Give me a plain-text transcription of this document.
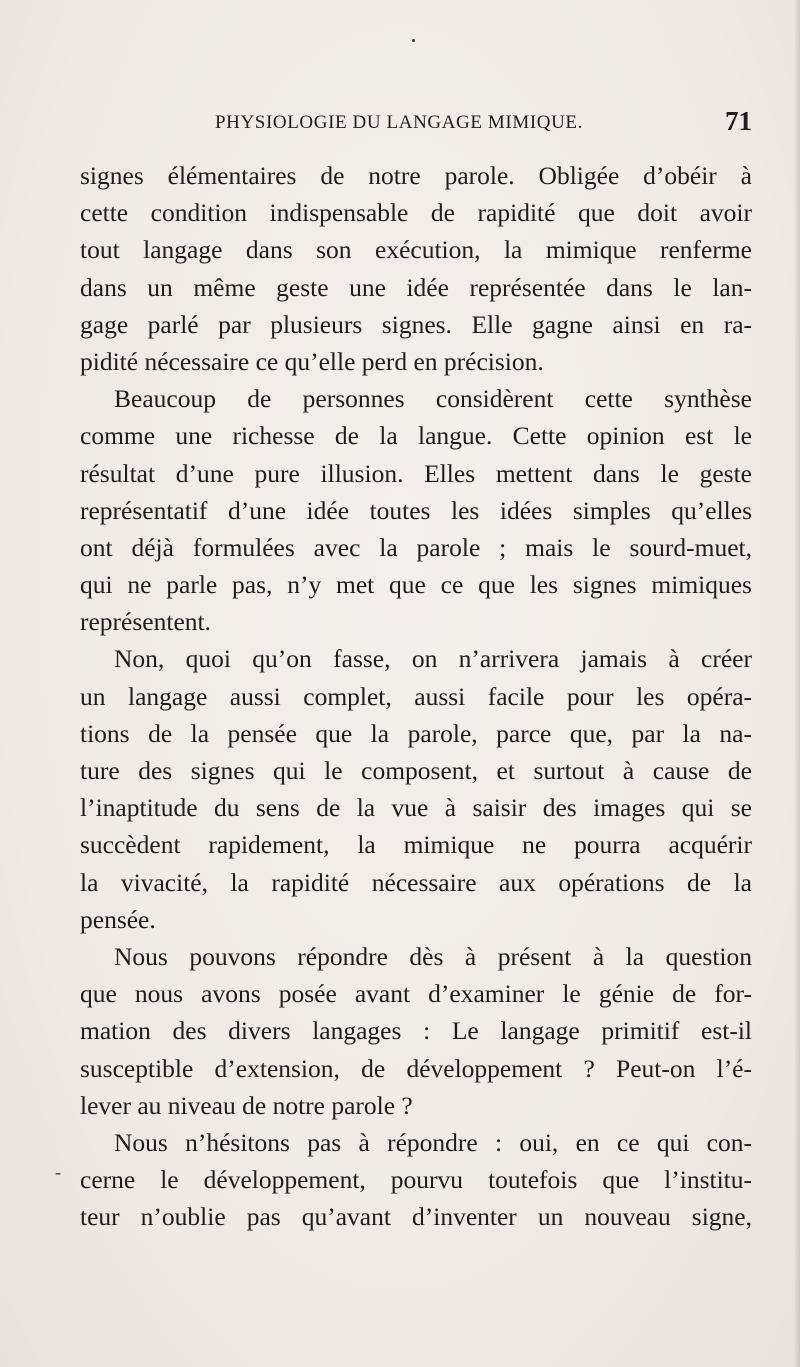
PHYSIOLOGIE DU LANGAGE MIMIQUE.	71
-

signes élémentaires de notre parole. Obligée d’obéir à
cette condition indispensable de rapidité que doit avoir
tout langage dans son exécution, la mimique renferme
dans un même geste une idée représentée dans le lan-
gage parlé par plusieurs signes. Elle gagne ainsi en ra-
pidité nécessaire ce qu’elle perd en précision.

Beaucoup de personnes considèrent cette synthèse
comme une richesse de la langue. Cette opinion est le
résultat d’une pure illusion. Elles mettent dans le geste
représentatif d’une idée toutes les idées simples qu’elles
ont déjà formulées avec la parole ; mais le sourd-muet,
qui ne parle pas, n’y met que ce que les signes mimiques
représentent.

Non, quoi qu’on fasse, on n’arrivera jamais à créer
un langage aussi complet, aussi facile pour les opéra-
tions de la pensée que la parole, parce que, par la na-
ture des signes qui le composent, et surtout à cause de
l’inaptitude du sens de la vue à saisir des images qui se
succèdent rapidement, la mimique ne pourra acquérir
la vivacité, la rapidité nécessaire aux opérations de la
pensée.

Nous pouvons répondre dès à présent à la question
que nous avons posée avant d’examiner le génie de for-
mation des divers langages : Le langage primitif est-il
susceptible d’extension, de développement ? Peut-on l’é-
lever au niveau de notre parole ?

Nous n’hésitons pas à répondre : oui, en ce qui con-
cerne le développement, pourvu toutefois que l’institu-
teur n’oublie pas qu’avant d’inventer un nouveau signe,
